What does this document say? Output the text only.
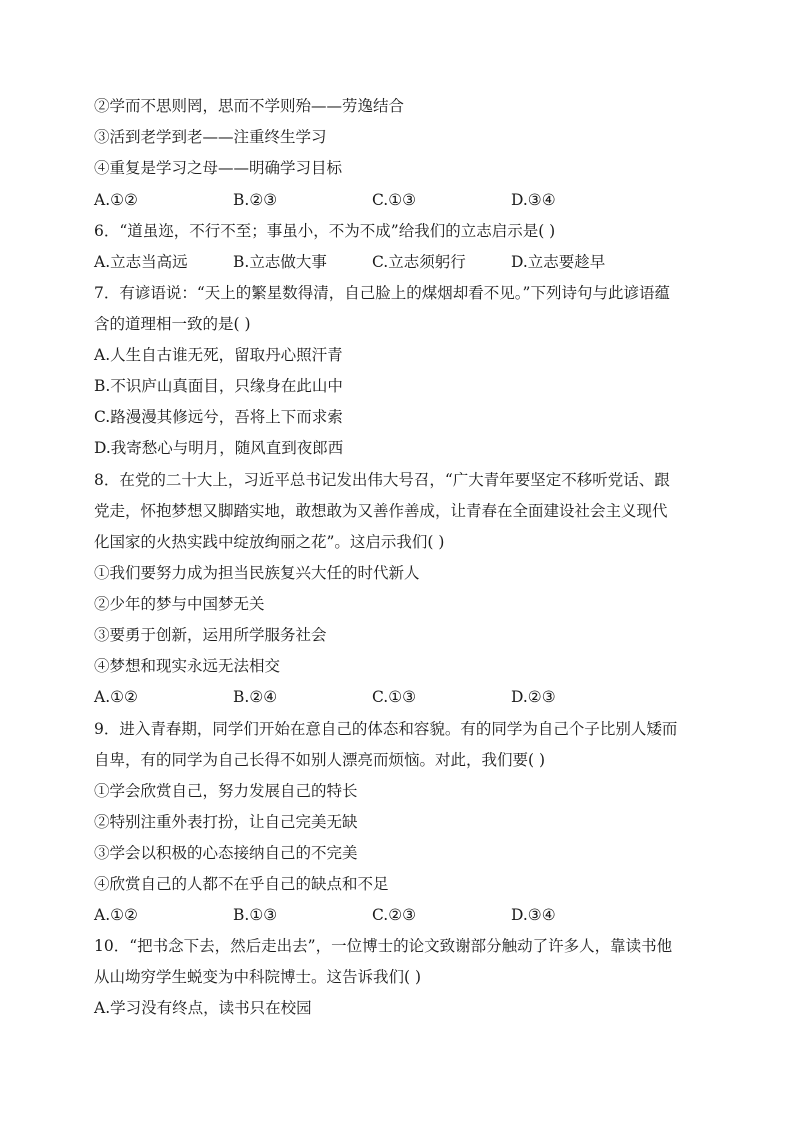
②学而不思则罔，思而不学则殆——劳逸结合
③活到老学到老——注重终生学习
④重复是学习之母——明确学习目标
A.①②	B.②③	C.①③	D.③④
6．“道虽迩，不行不至；事虽小，不为不成”给我们的立志启示是( )
A.立志当高远	B.立志做大事	C.立志须躬行	D.立志要趁早
7．有谚语说：“天上的繁星数得清，自己脸上的煤烟却看不见。”下列诗句与此谚语蕴
含的道理相一致的是( )
A.人生自古谁无死，留取丹心照汗青
B.不识庐山真面目，只缘身在此山中
C.路漫漫其修远兮，吾将上下而求索
D.我寄愁心与明月，随风直到夜郎西
8．在党的二十大上，习近平总书记发出伟大号召，“广大青年要坚定不移听党话、跟
党走，怀抱梦想又脚踏实地，敢想敢为又善作善成，让青春在全面建设社会主义现代
化国家的火热实践中绽放绚丽之花”。这启示我们( )
①我们要努力成为担当民族复兴大任的时代新人
②少年的梦与中国梦无关
③要勇于创新，运用所学服务社会
④梦想和现实永远无法相交
A.①②	B.②④	C.①③	D.②③
9．进入青春期，同学们开始在意自己的体态和容貌。有的同学为自己个子比别人矮而
自卑，有的同学为自己长得不如别人漂亮而烦恼。对此，我们要( )
①学会欣赏自己，努力发展自己的特长
②特别注重外表打扮，让自己完美无缺
③学会以积极的心态接纳自己的不完美
④欣赏自己的人都不在乎自己的缺点和不足
A.①②	B.①③	C.②③	D.③④
10．“把书念下去，然后走出去”，一位博士的论文致谢部分触动了许多人，靠读书他
从山坳穷学生蜕变为中科院博士。这告诉我们( )
A.学习没有终点，读书只在校园
